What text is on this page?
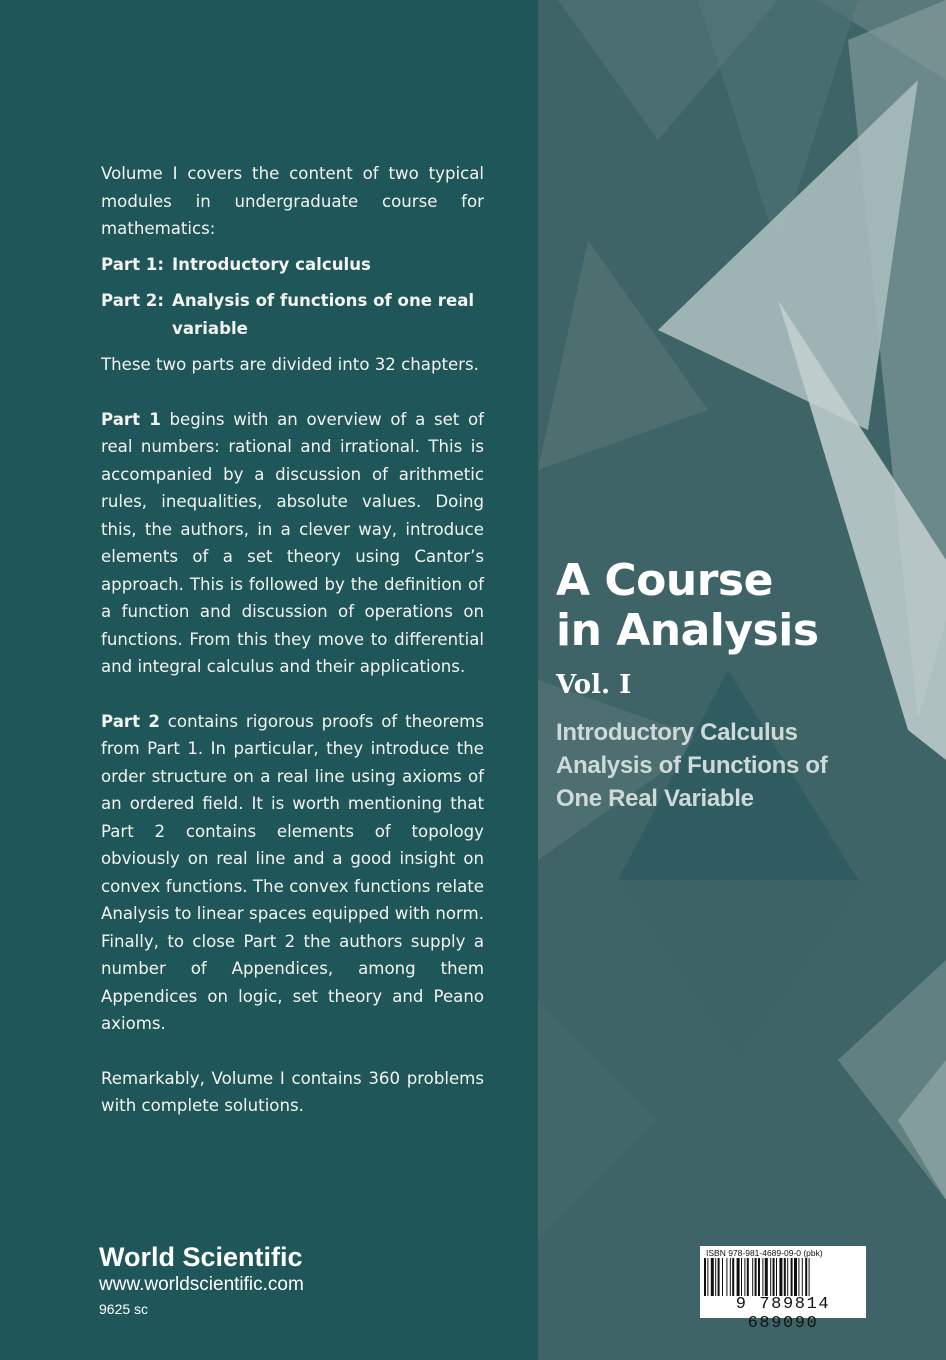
Volume I covers the content of two typical modules in undergraduate course for mathematics:

Part 1: Introductory calculus
Part 2: Analysis of functions of one real variable

These two parts are divided into 32 chapters.

Part 1 begins with an overview of a set of real numbers: rational and irrational. This is accompanied by a discussion of arithmetic rules, inequalities, absolute values. Doing this, the authors, in a clever way, introduce elements of a set theory using Cantor’s approach. This is followed by the definition of a function and discussion of operations on functions. From this they move to differential and integral calculus and their applications.

Part 2 contains rigorous proofs of theorems from Part 1. In particular, they introduce the order structure on a real line using axioms of an ordered field. It is worth mentioning that Part 2 contains elements of topology obviously on real line and a good insight on convex functions. The convex functions relate Analysis to linear spaces equipped with norm. Finally, to close Part 2 the authors supply a number of Appendices, among them Appendices on logic, set theory and Peano axioms.

Remarkably, Volume I contains 360 problems with complete solutions.

A Course
in Analysis
Vol. I
Introductory Calculus
Analysis of Functions of
One Real Variable
World Scientific
www.worldscientific.com
9625 sc
ISBN 978-981-4689-09-0 (pbk)
9 789814 689090
